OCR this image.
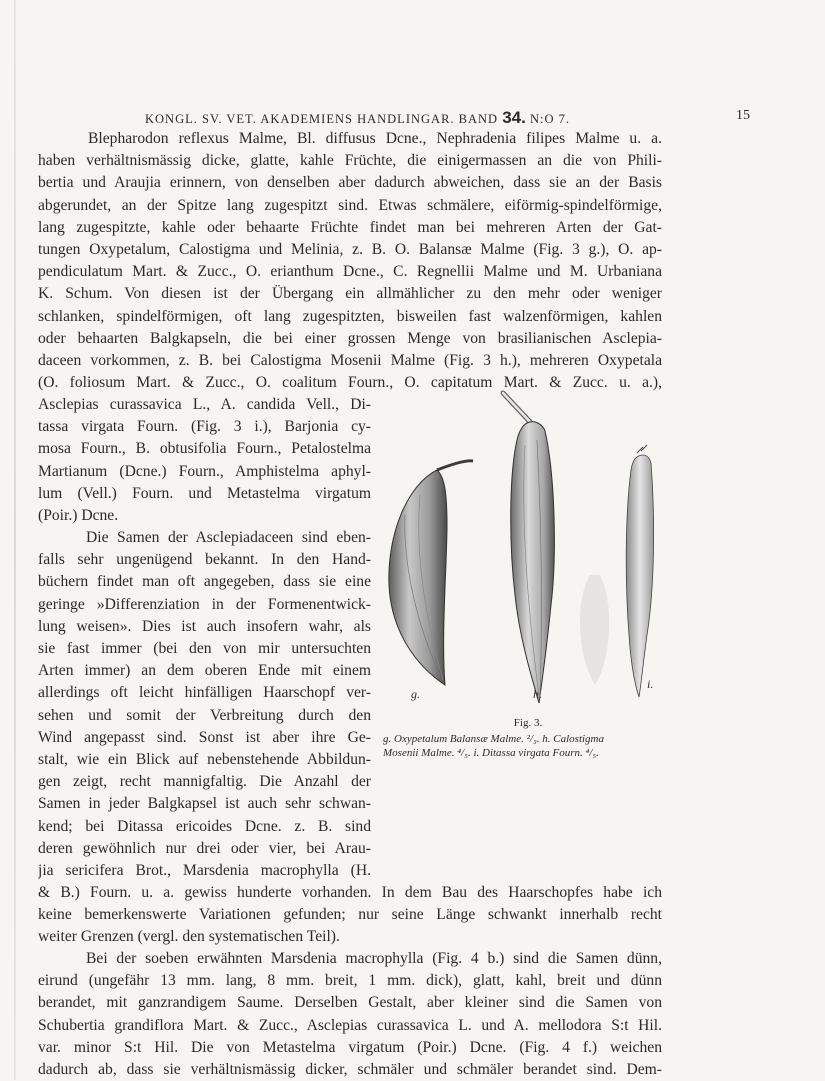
KONGL. SV. VET. AKADEMIENS HANDLINGAR. BAND 34. N:O 7.	15
Blepharodon reflexus Malme, Bl. diffusus Dcne., Nephradenia filipes Malme u. a.
haben verhältnismässig dicke, glatte, kahle Früchte, die einigermassen an die von Phili-
bertia und Araujia erinnern, von denselben aber dadurch abweichen, dass sie an der Basis
abgerundet, an der Spitze lang zugespitzt sind. Etwas schmälere, eiförmig-spindelförmige,
lang zugespitzte, kahle oder behaarte Früchte findet man bei mehreren Arten der Gat-
tungen Oxypetalum, Calostigma und Melinia, z. B. O. Balansæ Malme (Fig. 3 g.), O. ap-
pendiculatum Mart. & Zucc., O. erianthum Dcne., C. Regnellii Malme und M. Urbaniana
K. Schum. Von diesen ist der Übergang ein allmählicher zu den mehr oder weniger
schlanken, spindelförmigen, oft lang zugespitzten, bisweilen fast walzenförmigen, kahlen
oder behaarten Balgkapseln, die bei einer grossen Menge von brasilianischen Asclepia-
daceen vorkommen, z. B. bei Calostigma Mosenii Malme (Fig. 3 h.), mehreren Oxypetala
(O. foliosum Mart. & Zucc., O. coalitum Fourn., O. capitatum Mart. & Zucc. u. a.),
Asclepias curassavica L., A. candida Vell., Di-
tassa virgata Fourn. (Fig. 3 i.), Barjonia cy-
mosa Fourn., B. obtusifolia Fourn., Petalostelma
Martianum (Dcne.) Fourn., Amphistelma aphyl-
lum (Vell.) Fourn. und Metastelma virgatum
(Poir.) Dcne.
Die Samen der Asclepiadaceen sind eben-
falls sehr ungenügend bekannt. In den Hand-
büchern findet man oft angegeben, dass sie eine
geringe »Differenziation in der Formenentwick-
lung weisen». Dies ist auch insofern wahr, als
sie fast immer (bei den von mir untersuchten
Arten immer) an dem oberen Ende mit einem
allerdings oft leicht hinfälligen Haarschopf ver-
sehen und somit der Verbreitung durch den
Wind angepasst sind. Sonst ist aber ihre Ge-
stalt, wie ein Blick auf nebenstehende Abbildun-
gen zeigt, recht mannigfaltig. Die Anzahl der
Samen in jeder Balgkapsel ist auch sehr schwan-
kend; bei Ditassa ericoides Dcne. z. B. sind
deren gewöhnlich nur drei oder vier, bei Arau-
jia sericifera Brot., Marsdenia macrophylla (H.
& B.) Fourn. u. a. gewiss hunderte vorhanden. In dem Bau des Haarschopfes habe ich
keine bemerkenswerte Variationen gefunden; nur seine Länge schwankt innerhalb recht
weiter Grenzen (vergl. den systematischen Teil).
Bei der soeben erwähnten Marsdenia macrophylla (Fig. 4 b.) sind die Samen dünn,
eirund (ungefähr 13 mm. lang, 8 mm. breit, 1 mm. dick), glatt, kahl, breit und dünn
berandet, mit ganzrandigem Saume. Derselben Gestalt, aber kleiner sind die Samen von
Schubertia grandiflora Mart. & Zucc., Asclepias curassavica L. und A. mellodora S:t Hil.
var. minor S:t Hil. Die von Metastelma virgatum (Poir.) Dcne. (Fig. 4 f.) weichen
dadurch ab, dass sie verhältnismässig dicker, schmäler und schmäler berandet sind. Dem-
g.	h.
i.
Fig. 3.
g. Oxypetalum Balansæ Malme. ²/₃. h. Calostigma
Mosenii Malme. ⁴/₅. i. Ditassa virgata Fourn. ⁴/₅.
